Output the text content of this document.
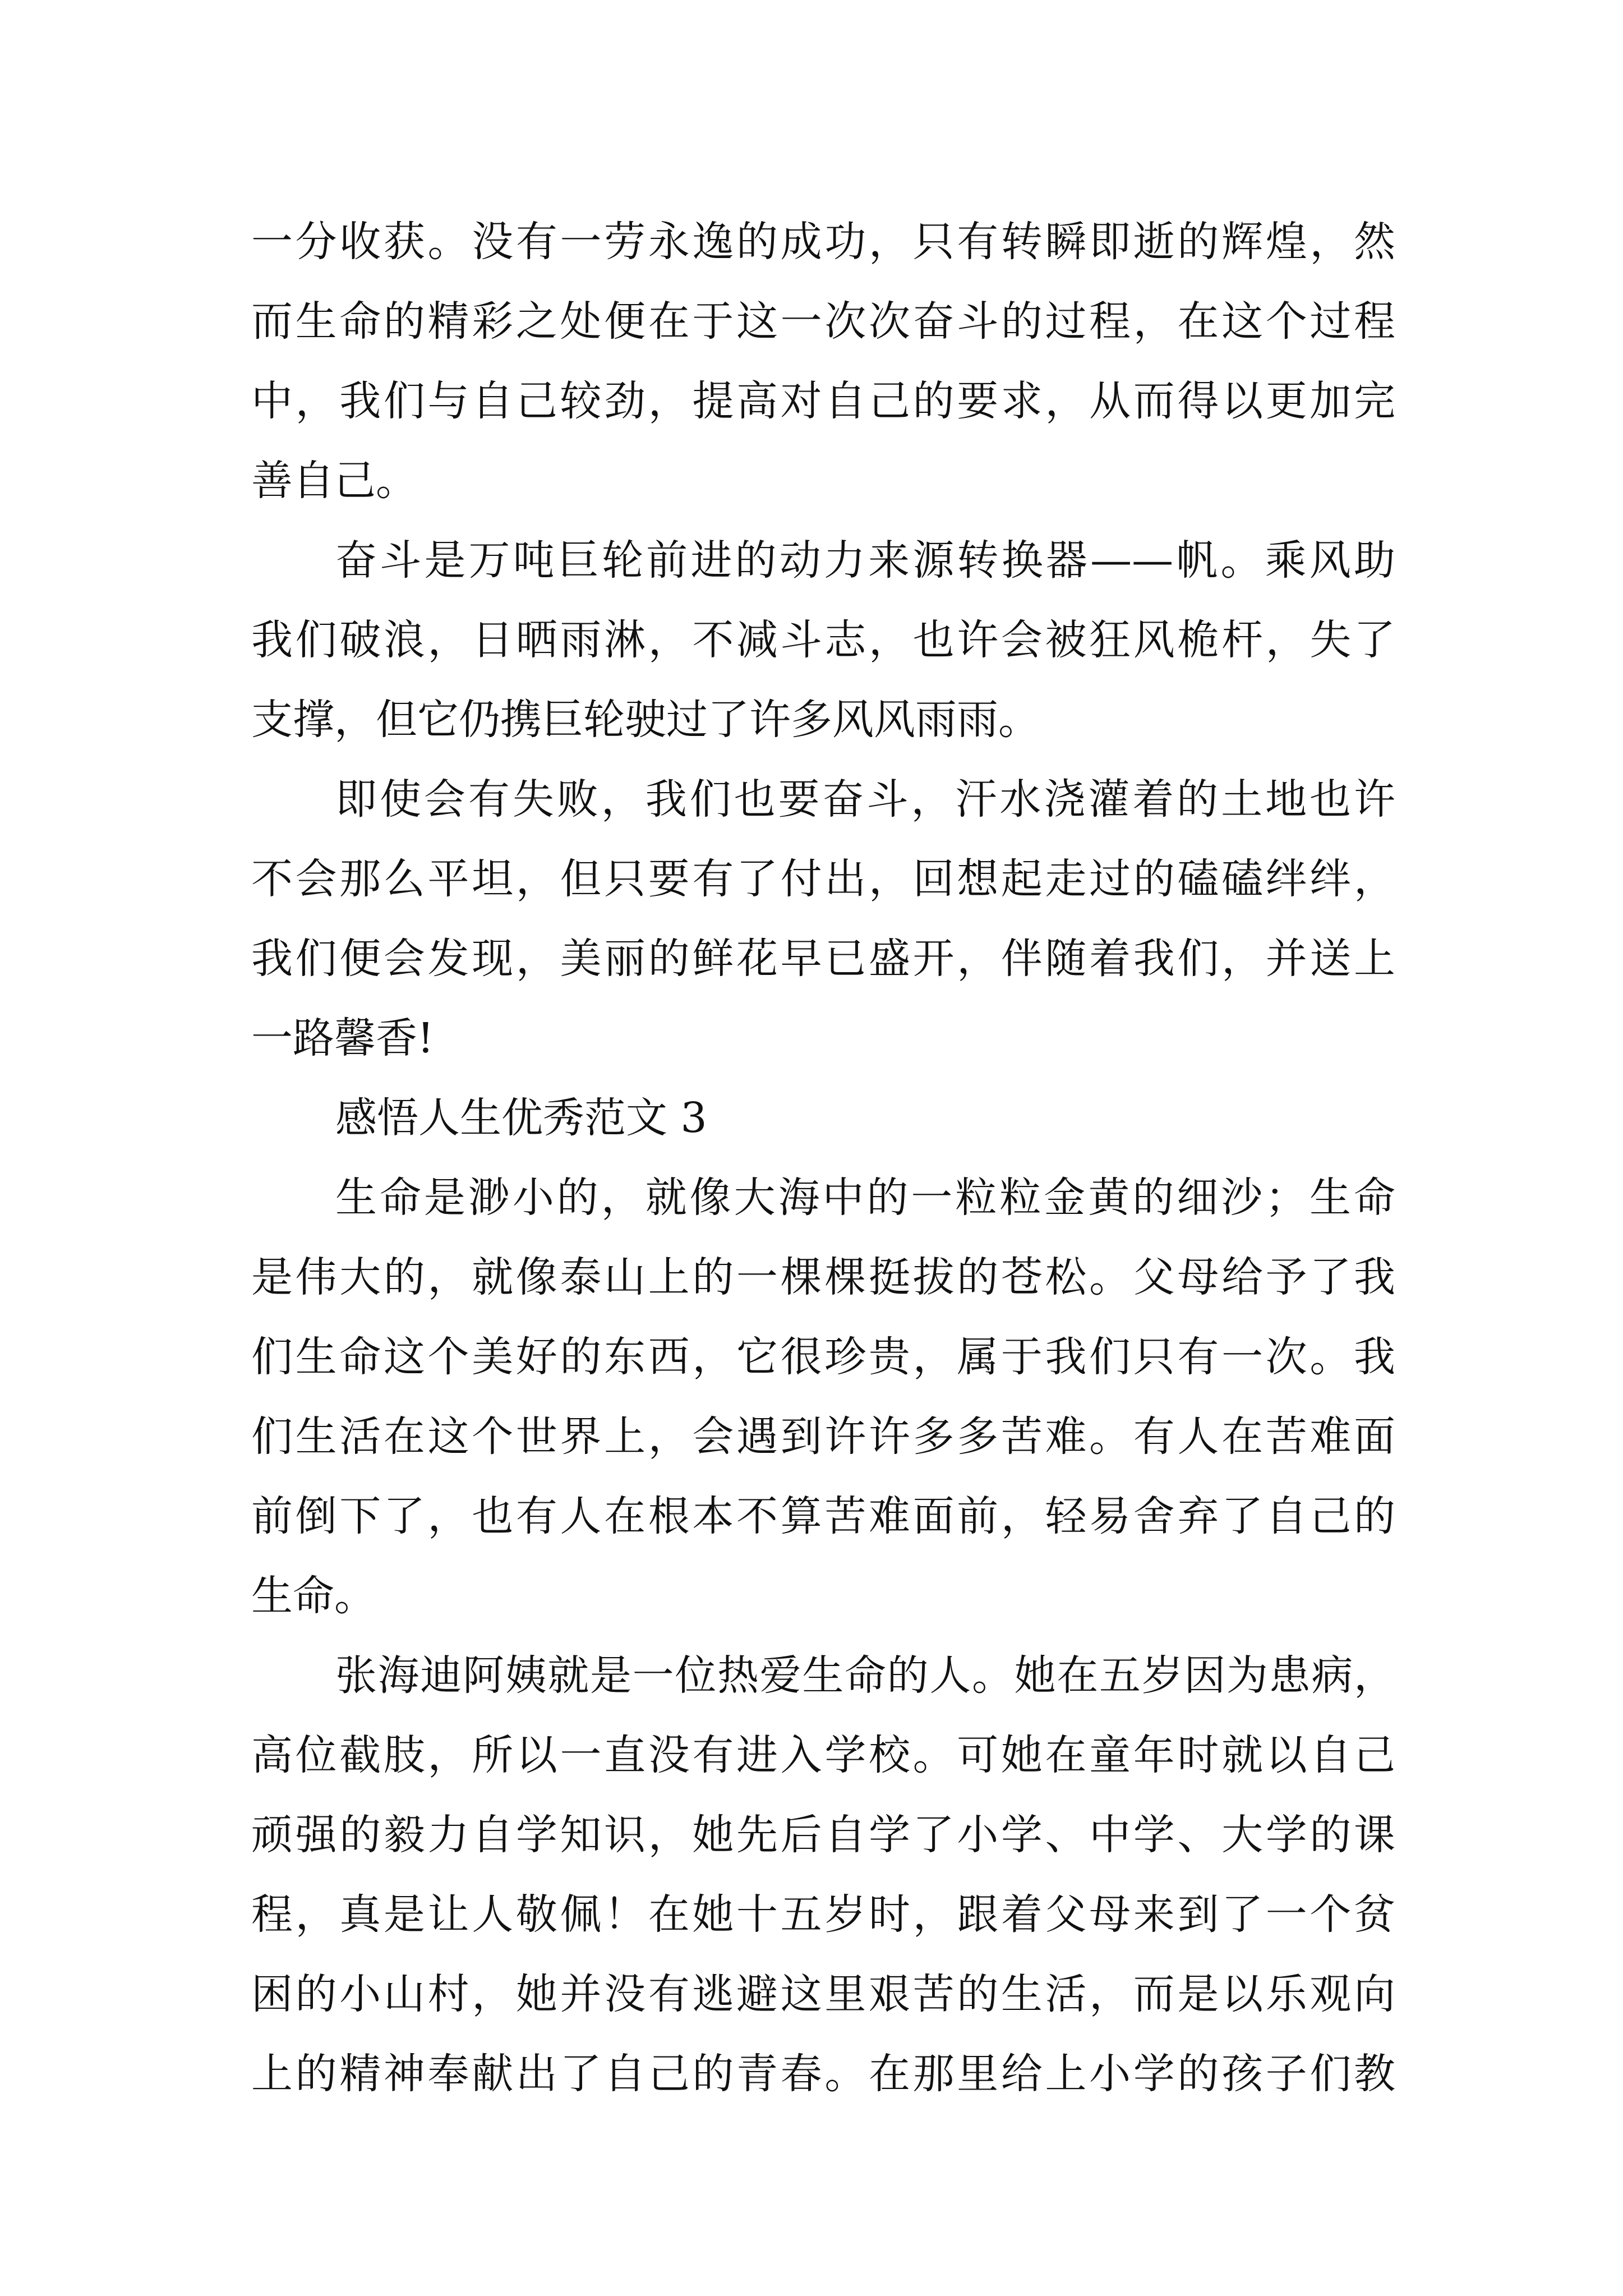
一分收获。没有一劳永逸的成功，只有转瞬即逝的辉煌，然
而生命的精彩之处便在于这一次次奋斗的过程，在这个过程
中，我们与自己较劲，提高对自己的要求，从而得以更加完
善自己。
奋斗是万吨巨轮前进的动力来源转换器——帆。乘风助
我们破浪，日晒雨淋，不减斗志，也许会被狂风桅杆，失了
支撑，但它仍携巨轮驶过了许多风风雨雨。
即使会有失败，我们也要奋斗，汗水浇灌着的土地也许
不会那么平坦，但只要有了付出，回想起走过的磕磕绊绊，
我们便会发现，美丽的鲜花早已盛开，伴随着我们，并送上
一路馨香!
感悟人生优秀范文 3
生命是渺小的，就像大海中的一粒粒金黄的细沙；生命
是伟大的，就像泰山上的一棵棵挺拔的苍松。父母给予了我
们生命这个美好的东西，它很珍贵，属于我们只有一次。我
们生活在这个世界上，会遇到许许多多苦难。有人在苦难面
前倒下了，也有人在根本不算苦难面前，轻易舍弃了自己的
生命。
张海迪阿姨就是一位热爱生命的人。她在五岁因为患病，
高位截肢，所以一直没有进入学校。可她在童年时就以自己
顽强的毅力自学知识，她先后自学了小学、中学、大学的课
程，真是让人敬佩！在她十五岁时，跟着父母来到了一个贫
困的小山村，她并没有逃避这里艰苦的生活，而是以乐观向
上的精神奉献出了自己的青春。在那里给上小学的孩子们教
